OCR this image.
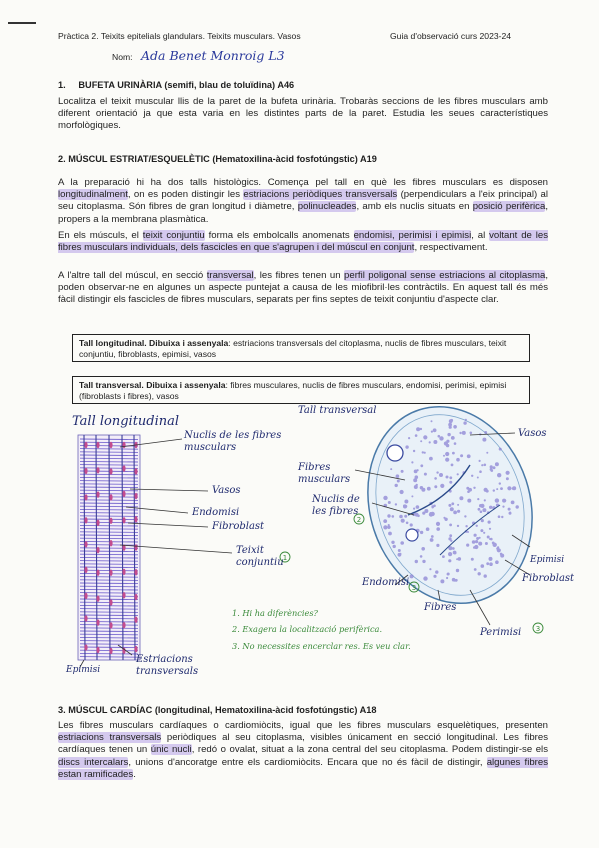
Pràctica 2. Teixits epitelials glandulars. Teixits musculars. Vasos	Guia d'observació curs 2023-24
Nom: Ada Benet Monroig L3
1.     BUFETA URINÀRIA (semifi, blau de toluïdina) A46

Localitza el teixit muscular llis de la paret de la bufeta urinària. Trobaràs seccions de les fibres musculars amb diferent orientació ja que esta varia en les distintes parts de la paret. Estudia les seues característiques morfològiques.

2. MÚSCUL ESTRIAT/ESQUELÈTIC (Hematoxilina-àcid fosfotúngstic) A19

A la preparació hi ha dos talls histològics. Comença pel tall en què les fibres musculars es disposen longitudinalment, on es poden distingir les estriacions periòdiques transversals (perpendiculars a l'eix principal) al seu citoplasma. Són fibres de gran longitud i diàmetre, polinucleades, amb els nuclis situats en posició perifèrica, propers a la membrana plasmàtica.

En els músculs, el teixit conjuntiu forma els embolcalls anomenats endomisi, perimisi i epimisi, al voltant de les fibres musculars individuals, dels fascicles en que s'agrupen i del múscul en conjunt, respectivament.

A l'altre tall del múscul, en secció transversal, les fibres tenen un perfil poligonal sense estriacions al citoplasma, poden observar-ne en algunes un aspecte puntejat a causa de les miofibril·les contràctils. En aquest tall és més fàcil distingir els fascicles de fibres musculars, separats per fins septes de teixit conjuntiu d'aspecte clar.

Tall longitudinal. Dibuixa i assenyala: estriacions transversals del citoplasma, nuclis de fibres musculars, teixit conjuntiu, fibroblasts, epimisi, vasos
Tall transversal. Dibuixa i assenyala: fibres musculares, nuclis de fibres musculars, endomisi, perimisi, epimisi (fibroblasts i fibres), vasos
1
2
3
3
Tall longitudinal
Nuclis de les fibres musculars
Vasos
Endomisi
Fibroblast
Teixit conjuntiu
Epimisi
Estriacions transversals
Tall transversal
Vasos
Fibres musculars
Nuclis de les fibres
Epimisi
Endomisi	Fibroblast
Fibres
Perimisi
1. Hi ha diferències?
2. Exagera la localització perifèrica.
3. No necessites encerclar res. Es veu clar.
3. MÚSCUL CARDÍAC (longitudinal, Hematoxilina-àcid fosfotúngstic) A18

Les fibres musculars cardíaques o cardiomiòcits, igual que les fibres musculars esquelètiques, presenten estriacions transversals periòdiques al seu citoplasma, visibles únicament en secció longitudinal. Les fibres cardíaques tenen un únic nucli, redó o ovalat, situat a la zona central del seu citoplasma. Podem distingir-se els discs intercalars, unions d'ancoratge entre els cardiomiòcits. Encara que no és fàcil de distingir, algunes fibres estan ramificades.
